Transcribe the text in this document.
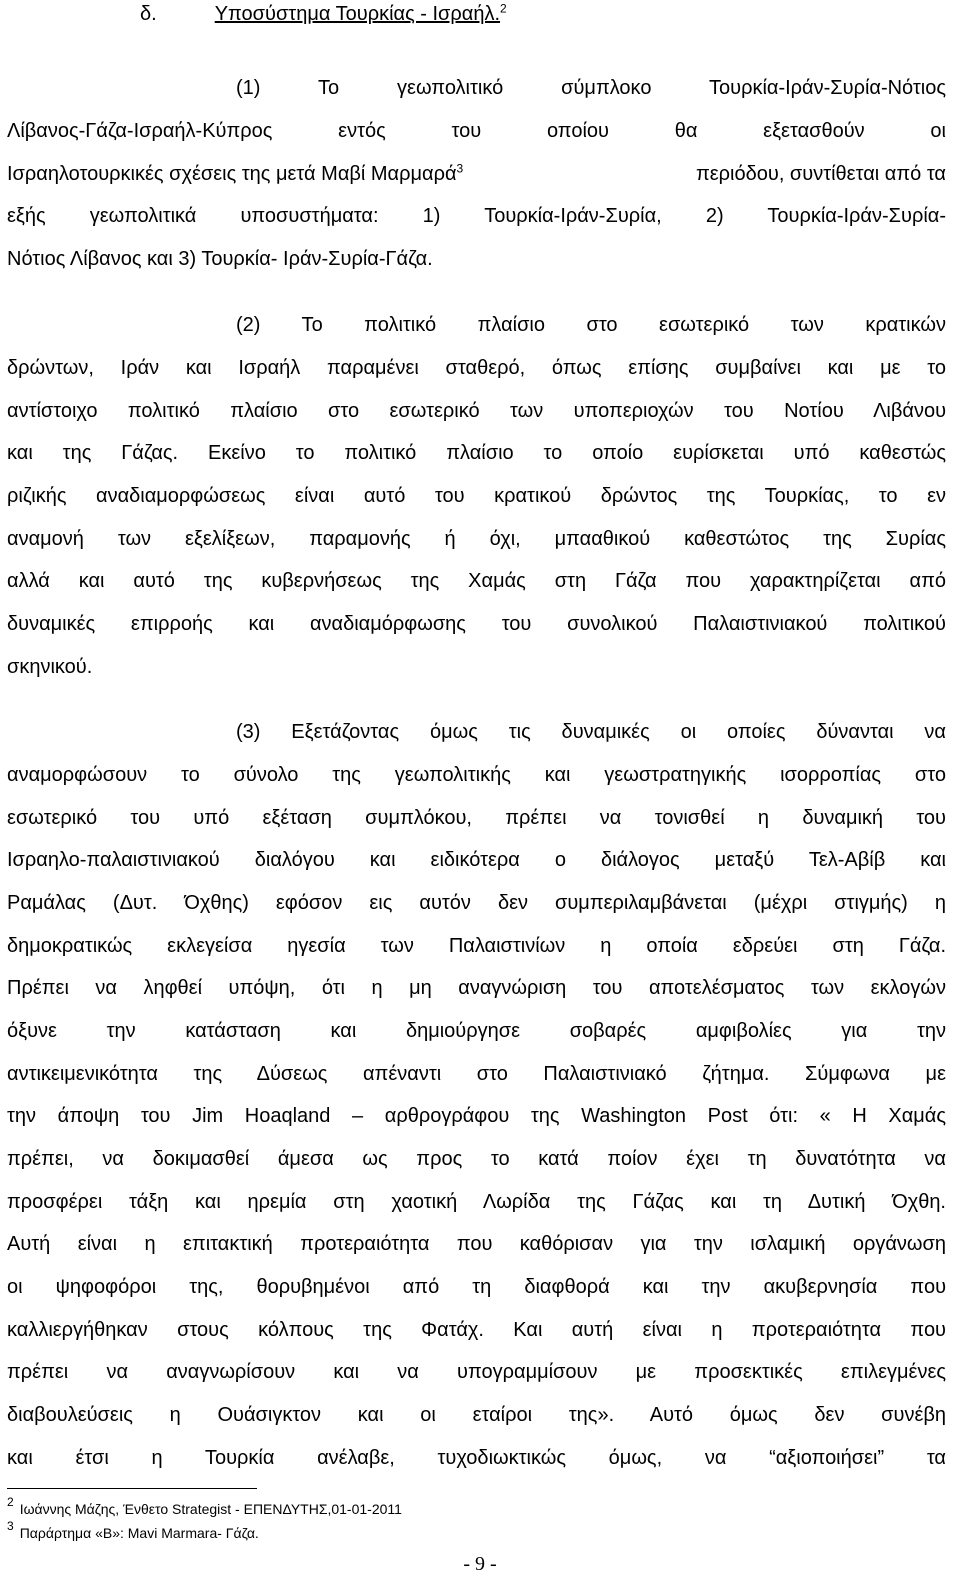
δ.	Υποσύστημα Τουρκίας - Ισραήλ.$^2$
(1) Το γεωπολιτικό σύμπλοκο Τουρκία-Ιράν-Συρία-Νότιος
Λίβανος-Γάζα-Ισραήλ-Κύπρος εντός του οποίου θα εξετασθούν οι
Ισραηλοτουρκικές σχέσεις της μετά Μαβί Μαρμαρά$^3$	περιόδου, συντίθεται από τα
εξής γεωπολιτικά υποσυστήματα: 1) Τουρκία-Ιράν-Συρία, 2) Τουρκία-Ιράν-Συρία-
Νότιος Λίβανος και 3) Τουρκία- Ιράν-Συρία-Γάζα.
(2) Το πολιτικό πλαίσιο στο εσωτερικό των κρατικών
δρώντων, Ιράν και Ισραήλ παραμένει σταθερό, όπως επίσης συμβαίνει και με το
αντίστοιχο πολιτικό πλαίσιο στο εσωτερικό των υποπεριοχών του Νοτίου Λιβάνου
και της Γάζας. Εκείνο το πολιτικό πλαίσιο το οποίο ευρίσκεται υπό καθεστώς
ριζικής αναδιαμορφώσεως είναι αυτό του κρατικού δρώντος της Τουρκίας, το εν
αναμονή των εξελίξεων, παραμονής ή όχι, μπααθικού καθεστώτος της Συρίας
αλλά και αυτό της κυβερνήσεως της Χαμάς στη Γάζα που χαρακτηρίζεται από
δυναμικές επιρροής και αναδιαμόρφωσης του συνολικού Παλαιστινιακού πολιτικού
σκηνικού.
(3) Εξετάζοντας όμως τις δυναμικές οι οποίες δύνανται να
αναμορφώσουν το σύνολο της γεωπολιτικής και γεωστρατηγικής ισορροπίας στο
εσωτερικό του υπό εξέταση συμπλόκου, πρέπει να τονισθεί η δυναμική του
Ισραηλο-παλαιστινιακού διαλόγου και ειδικότερα ο διάλογος μεταξύ Τελ-Αβίβ και
Ραμάλας (Δυτ. Όχθης) εφόσον εις αυτόν δεν συμπεριλαμβάνεται (μέχρι στιγμής) η
δημοκρατικώς εκλεγείσα ηγεσία των Παλαιστινίων η οποία εδρεύει στη Γάζα.
Πρέπει να ληφθεί υπόψη, ότι η μη αναγνώριση του αποτελέσματος των εκλογών
όξυνε την κατάσταση και δημιούργησε σοβαρές αμφιβολίες για την
αντικειμενικότητα της Δύσεως απέναντι στο Παλαιστινιακό ζήτημα. Σύμφωνα με
την άποψη του Jim Hoaqland – αρθρογράφου της Washington Post ότι: « Η Χαμάς
πρέπει, να δοκιμασθεί άμεσα ως προς το κατά ποίον έχει τη δυνατότητα να
προσφέρει τάξη και ηρεμία στη χαοτική Λωρίδα της Γάζας και τη Δυτική Όχθη.
Αυτή είναι η επιτακτική προτεραιότητα που καθόρισαν για την ισλαμική οργάνωση
οι ψηφοφόροι της, θορυβημένοι από τη διαφθορά και την ακυβερνησία που
καλλιεργήθηκαν στους κόλπους της Φατάχ. Και αυτή είναι η προτεραιότητα που
πρέπει να αναγνωρίσουν και να υπογραμμίσουν με προσεκτικές επιλεγμένες
διαβουλεύσεις η Ουάσιγκτον και οι εταίροι της». Αυτό όμως δεν συνέβη
και έτσι η Τουρκία ανέλαβε, τυχοδιωκτικώς όμως, να “αξιοποιήσει” τα
2 Ιωάννης Μάζης, Ένθετο Strategist - ΕΠΕΝΔΥΤΗΣ,01-01-2011
3 Παράρτημα «Β»: Mavi Marmara- Γάζα.
- 9 -
